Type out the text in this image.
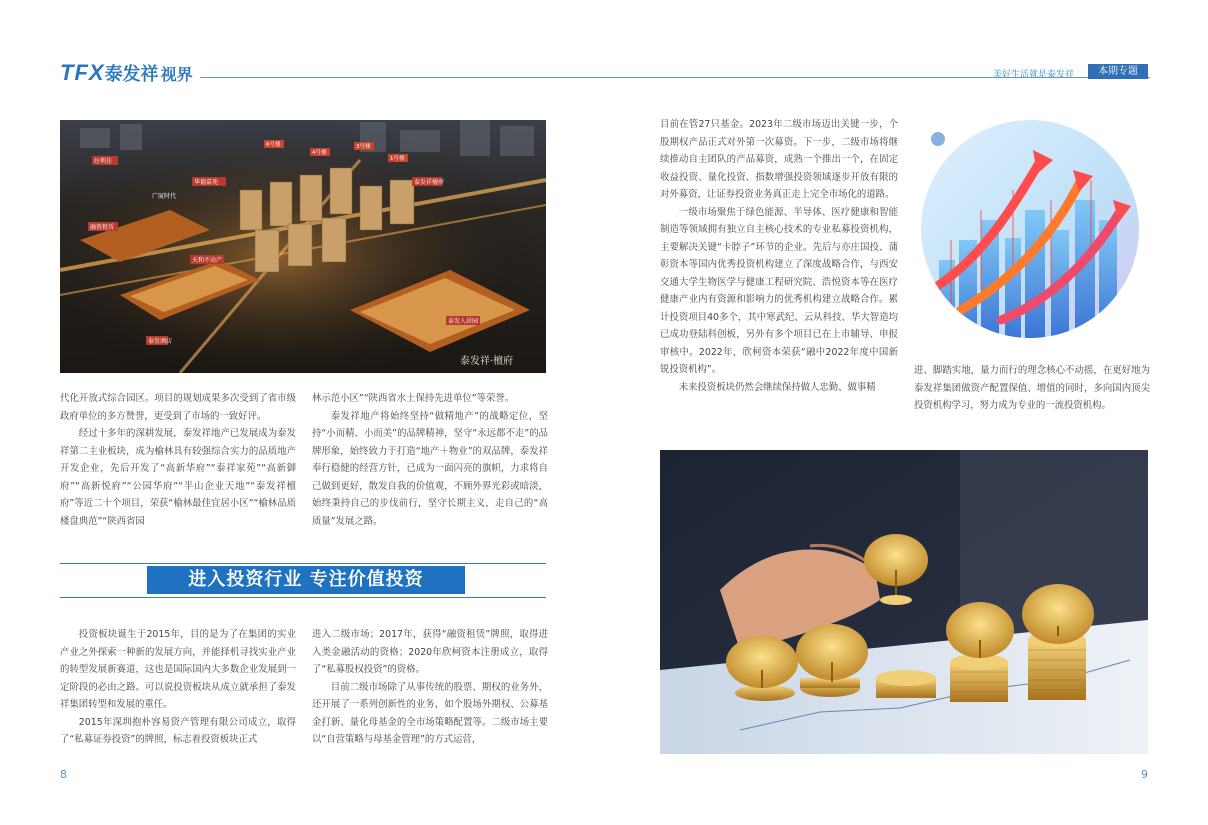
TFX泰发祥 视界	美好生活就是泰发祥	本期专题
好利佳
华德嘉苑
融资租赁
天和不动产
泰发祥檀府
泰发人居园
泰发酒店
6号楼
4号楼
3号楼
1号楼
广厦时代
泰发祥·檀府

代化开放式综合园区。项目的规划成果多次受到了省市级政府单位的多方赞誉，更受到了市场的一致好评。

经过十多年的深耕发展，泰发祥地产已发展成为泰发祥第二主业板块，成为榆林具有较强综合实力的品质地产开发企业，先后开发了“高新华府”“泰祥家苑”“高新御府”“高新悦府”“公园华府”“半山企业天地”“泰发祥檀府”等近二十个项目，荣获“榆林最佳宜居小区”“榆林品质楼盘典范”“陕西省园

林示范小区”“陕西省水土保持先进单位”等荣誉。

泰发祥地产将始终坚持“做精地产”的战略定位，坚持“小而精、小而美”的品牌精神，坚守“永远都不走”的品牌形象，始终致力于打造“地产＋物业”的双品牌，泰发祥奉行稳健的经营方针，已成为一面闪亮的旗帜，力求将自己做到更好，散发自我的价值观，不顾外界光彩或暗淡，始终秉持自己的步伐前行，坚守长期主义，走自己的“高质量”发展之路。

进入投资行业 专注价值投资

投资板块诞生于2015年，目的是为了在集团的实业产业之外探索一种新的发展方向，并能择机寻找实业产业的转型发展新赛道，这也是国际国内大多数企业发展到一定阶段的必由之路。可以说投资板块从成立就承担了泰发祥集团转型和发展的重任。

2015年深圳抱朴容易资产管理有限公司成立，取得了“私募证券投资”的牌照，标志着投资板块正式

进入二级市场；2017年，获得“融资租赁”牌照，取得进入类金融活动的资格；2020年欣柯资本注册成立，取得了“私募股权投资”的资格。

目前二级市场除了从事传统的股票、期权的业务外，还开展了一系列创新性的业务，如个股场外期权、公募基金打新、量化母基金的全市场策略配置等。二级市场主要以“自营策略与母基金管理”的方式运营，

8

目前在管27只基金。2023年二级市场迈出关键一步，个股期权产品正式对外第一次募资。下一步，二级市场将继续推动自主团队的产品募资，成熟一个推出一个，在固定收益投资、量化投资、指数增强投资领域逐步开放有限的对外募资，让证券投资业务真正走上完全市场化的道路。

一级市场聚焦于绿色能源、半导体、医疗健康和智能制造等领域拥有独立自主核心技术的专业私募投资机构，主要解决关键“卡脖子”环节的企业。先后与亦庄国投、蒲彰资本等国内优秀投资机构建立了深度战略合作，与西安交通大学生物医学与健康工程研究院、浩悦资本等在医疗健康产业内有资源和影响力的优秀机构建立战略合作。累计投资项目40多个，其中寒武纪、云从科技、华大智造均已成功登陆科创板，另外有多个项目已在上市辅导、申报审核中。2022年，欣柯资本荣获“融中2022年度中国新锐投资机构”。

未来投资板块仍然会继续保持做人忠勤、做事精

进、脚踏实地，量力而行的理念核心不动摇，在更好地为泰发祥集团做资产配置保值、增值的同时，多向国内顶尖投资机构学习，努力成为专业的一流投资机构。

9
